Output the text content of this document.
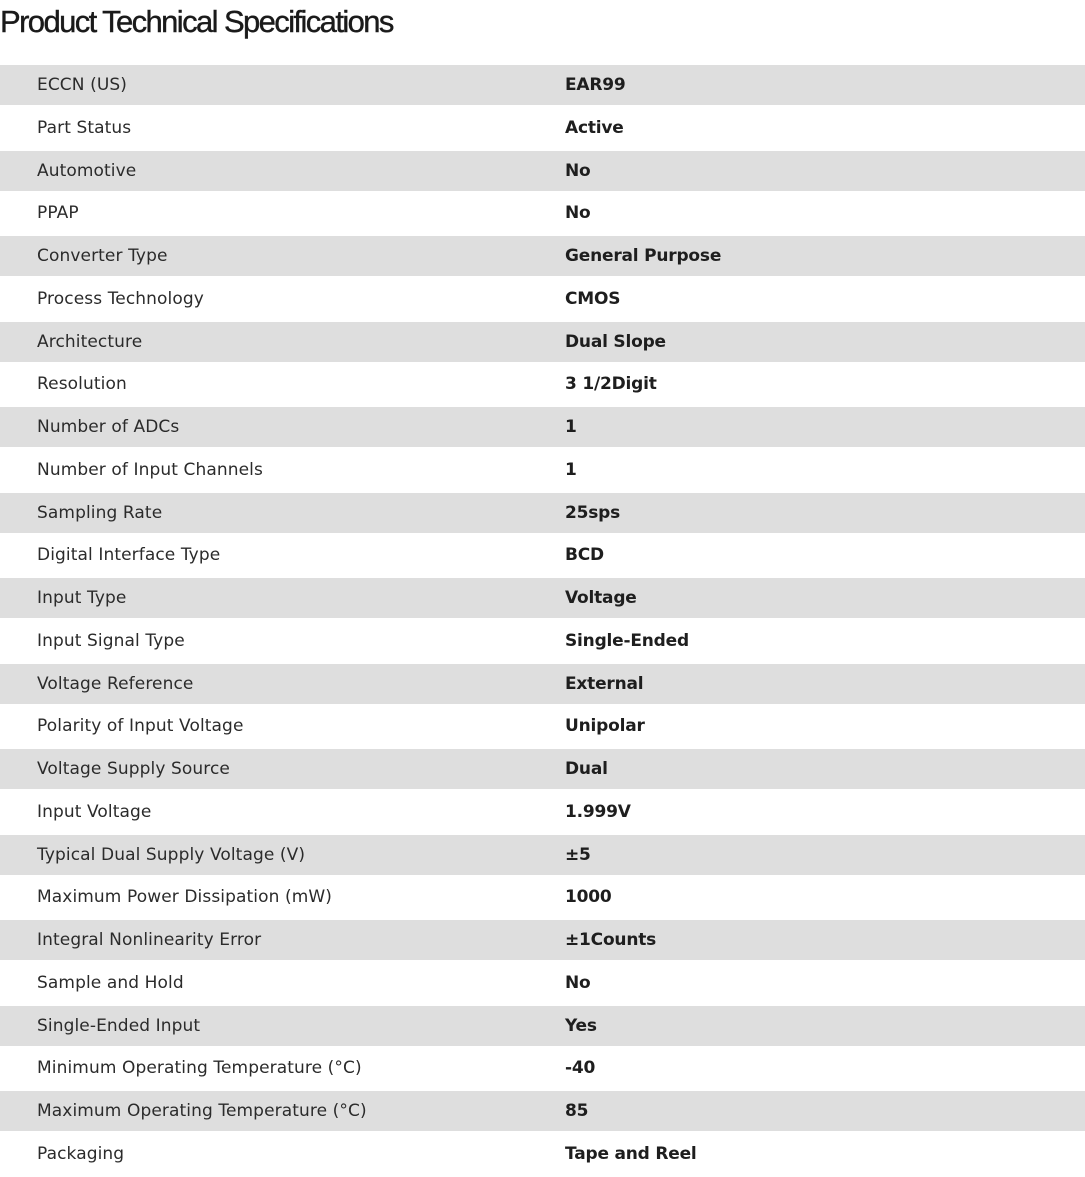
Product Technical Specifications
ECCN (US)	EAR99
Part Status	Active
Automotive	No
PPAP	No
Converter Type	General Purpose
Process Technology	CMOS
Architecture	Dual Slope
Resolution	3 1/2Digit
Number of ADCs	1
Number of Input Channels	1
Sampling Rate	25sps
Digital Interface Type	BCD
Input Type	Voltage
Input Signal Type	Single-Ended
Voltage Reference	External
Polarity of Input Voltage	Unipolar
Voltage Supply Source	Dual
Input Voltage	1.999V
Typical Dual Supply Voltage (V)	±5
Maximum Power Dissipation (mW)	1000
Integral Nonlinearity Error	±1Counts
Sample and Hold	No
Single-Ended Input	Yes
Minimum Operating Temperature (°C)	-40
Maximum Operating Temperature (°C)	85
Packaging	Tape and Reel
